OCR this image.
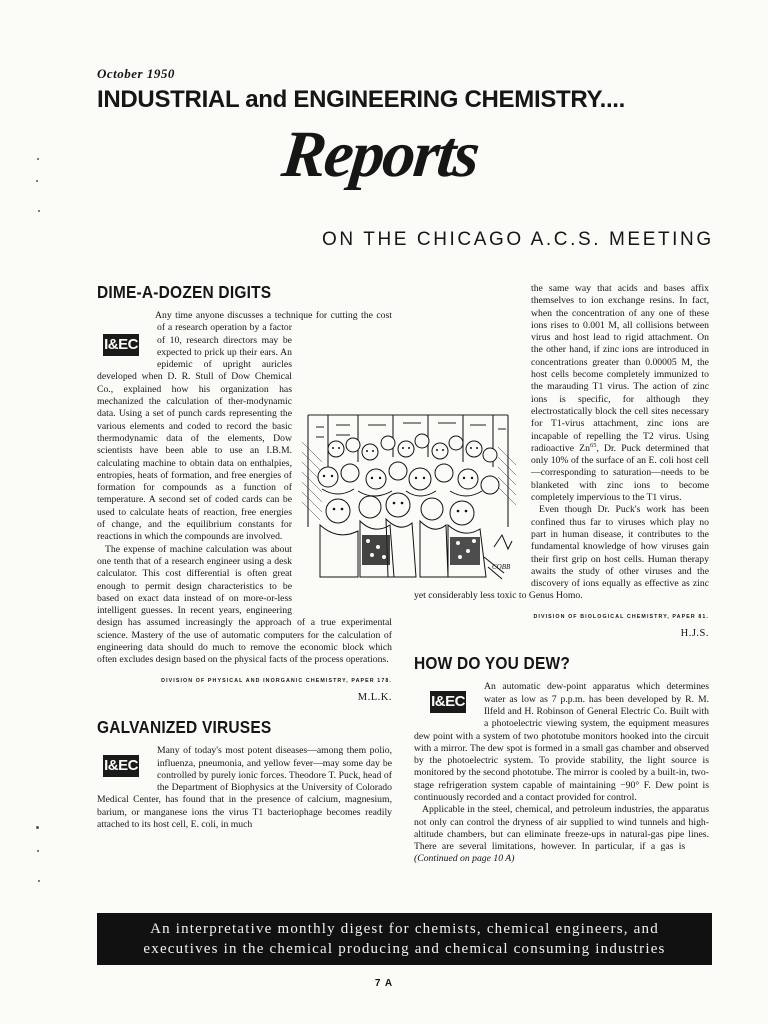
October 1950
INDUSTRIAL and ENGINEERING CHEMISTRY....
Reports
ON THE CHICAGO A.C.S. MEETING
DIME-A-DOZEN DIGITS
I&EC

Any time anyone discusses a technique for cutting the cost of a research operation by a factor of 10, research directors may be expected to prick up their ears. An epidemic of upright auricles developed when D. R. Stull of Dow Chemical Co., explained how his organization has mechanized the calculation of ther-modynamic data. Using a set of punch cards representing the various elements and coded to record the basic thermodynamic data of the elements, Dow scientists have been able to use an I.B.M. calculating machine to obtain data on enthalpies, entropies, heats of formation, and free energies of formation for compounds as a function of temperature. A second set of coded cards can be used to calculate heats of reaction, free energies of change, and the equilibrium constants for reactions in which the compounds are involved.

The expense of machine calculation was about one tenth that of a research engineer using a desk calculator. This cost differential is often great enough to permit design characteristics to be based on exact data instead of on more-or-less intelligent guesses. In recent years, engineering design has assumed increasingly the approach of a true experimental science. Mastery of the use of automatic computers for the calculation of engineering data should do much to remove the economic block which often excludes design based on the physical facts of the process operations.

DIVISION OF PHYSICAL AND INORGANIC CHEMISTRY, PAPER 178.
M.L.K.
GALVANIZED VIRUSES
I&EC

Many of today's most potent diseases—among them polio, influenza, pneumonia, and yellow fever—may some day be controlled by purely ionic forces. Theodore T. Puck, head of the Department of Biophysics at the University of Colorado Medical Center, has found that in the presence of calcium, magnesium, barium, or manganese ions the virus T1 bacteriophage becomes readily attached to its host cell, E. coli, in much

the same way that acids and bases affix themselves to ion exchange resins. In fact, when the concentration of any one of these ions rises to 0.001 M, all collisions between virus and host lead to rigid attachment. On the other hand, if zinc ions are introduced in concentrations greater than 0.00005 M, the host cells become completely immunized to the marauding T1 virus. The action of zinc ions is specific, for although they electrostatically block the cell sites necessary for T1-virus attachment, zinc ions are incapable of repelling the T2 virus. Using radioactive Zn$^{65}$, Dr. Puck determined that only 10% of the surface of an E. coli host cell—corresponding to saturation—needs to be blanketed with zinc ions to become completely impervious to the T1 virus.

Even though Dr. Puck's work has been confined thus far to viruses which play no part in human disease, it contributes to the fundamental knowledge of how viruses gain their first grip on host cells. Human therapy awaits the study of other viruses and the discovery of ions equally as effective as zinc yet considerably less toxic to Genus Homo.

DIVISION OF BIOLOGICAL CHEMISTRY, PAPER 81.
H.J.S.
HOW DO YOU DEW?
I&EC

An automatic dew-point apparatus which determines water as low as 7 p.p.m. has been developed by R. M. Ilfeld and H. Robinson of General Electric Co. Built with a photoelectric viewing system, the equipment measures dew point with a system of two phototube monitors hooked into the circuit with a mirror. The dew spot is formed in a small gas chamber and observed by the photoelectric system. To provide stability, the light source is monitored by the second phototube. The mirror is cooled by a built-in, two-stage refrigeration system capable of maintaining −90° F. Dew point is continuously recorded and a contact provided for control.

Applicable in the steel, chemical, and petroleum industries, the apparatus not only can control the dryness of air supplied to wind tunnels and high-altitude chambers, but can eliminate freeze-ups in natural-gas pipe lines. There are several limitations, however. In particular, if a gas is      (Continued on page 10 A)

COBB
An interpretative monthly digest for chemists, chemical engineers, and
executives in the chemical producing and chemical consuming industries
7 A
